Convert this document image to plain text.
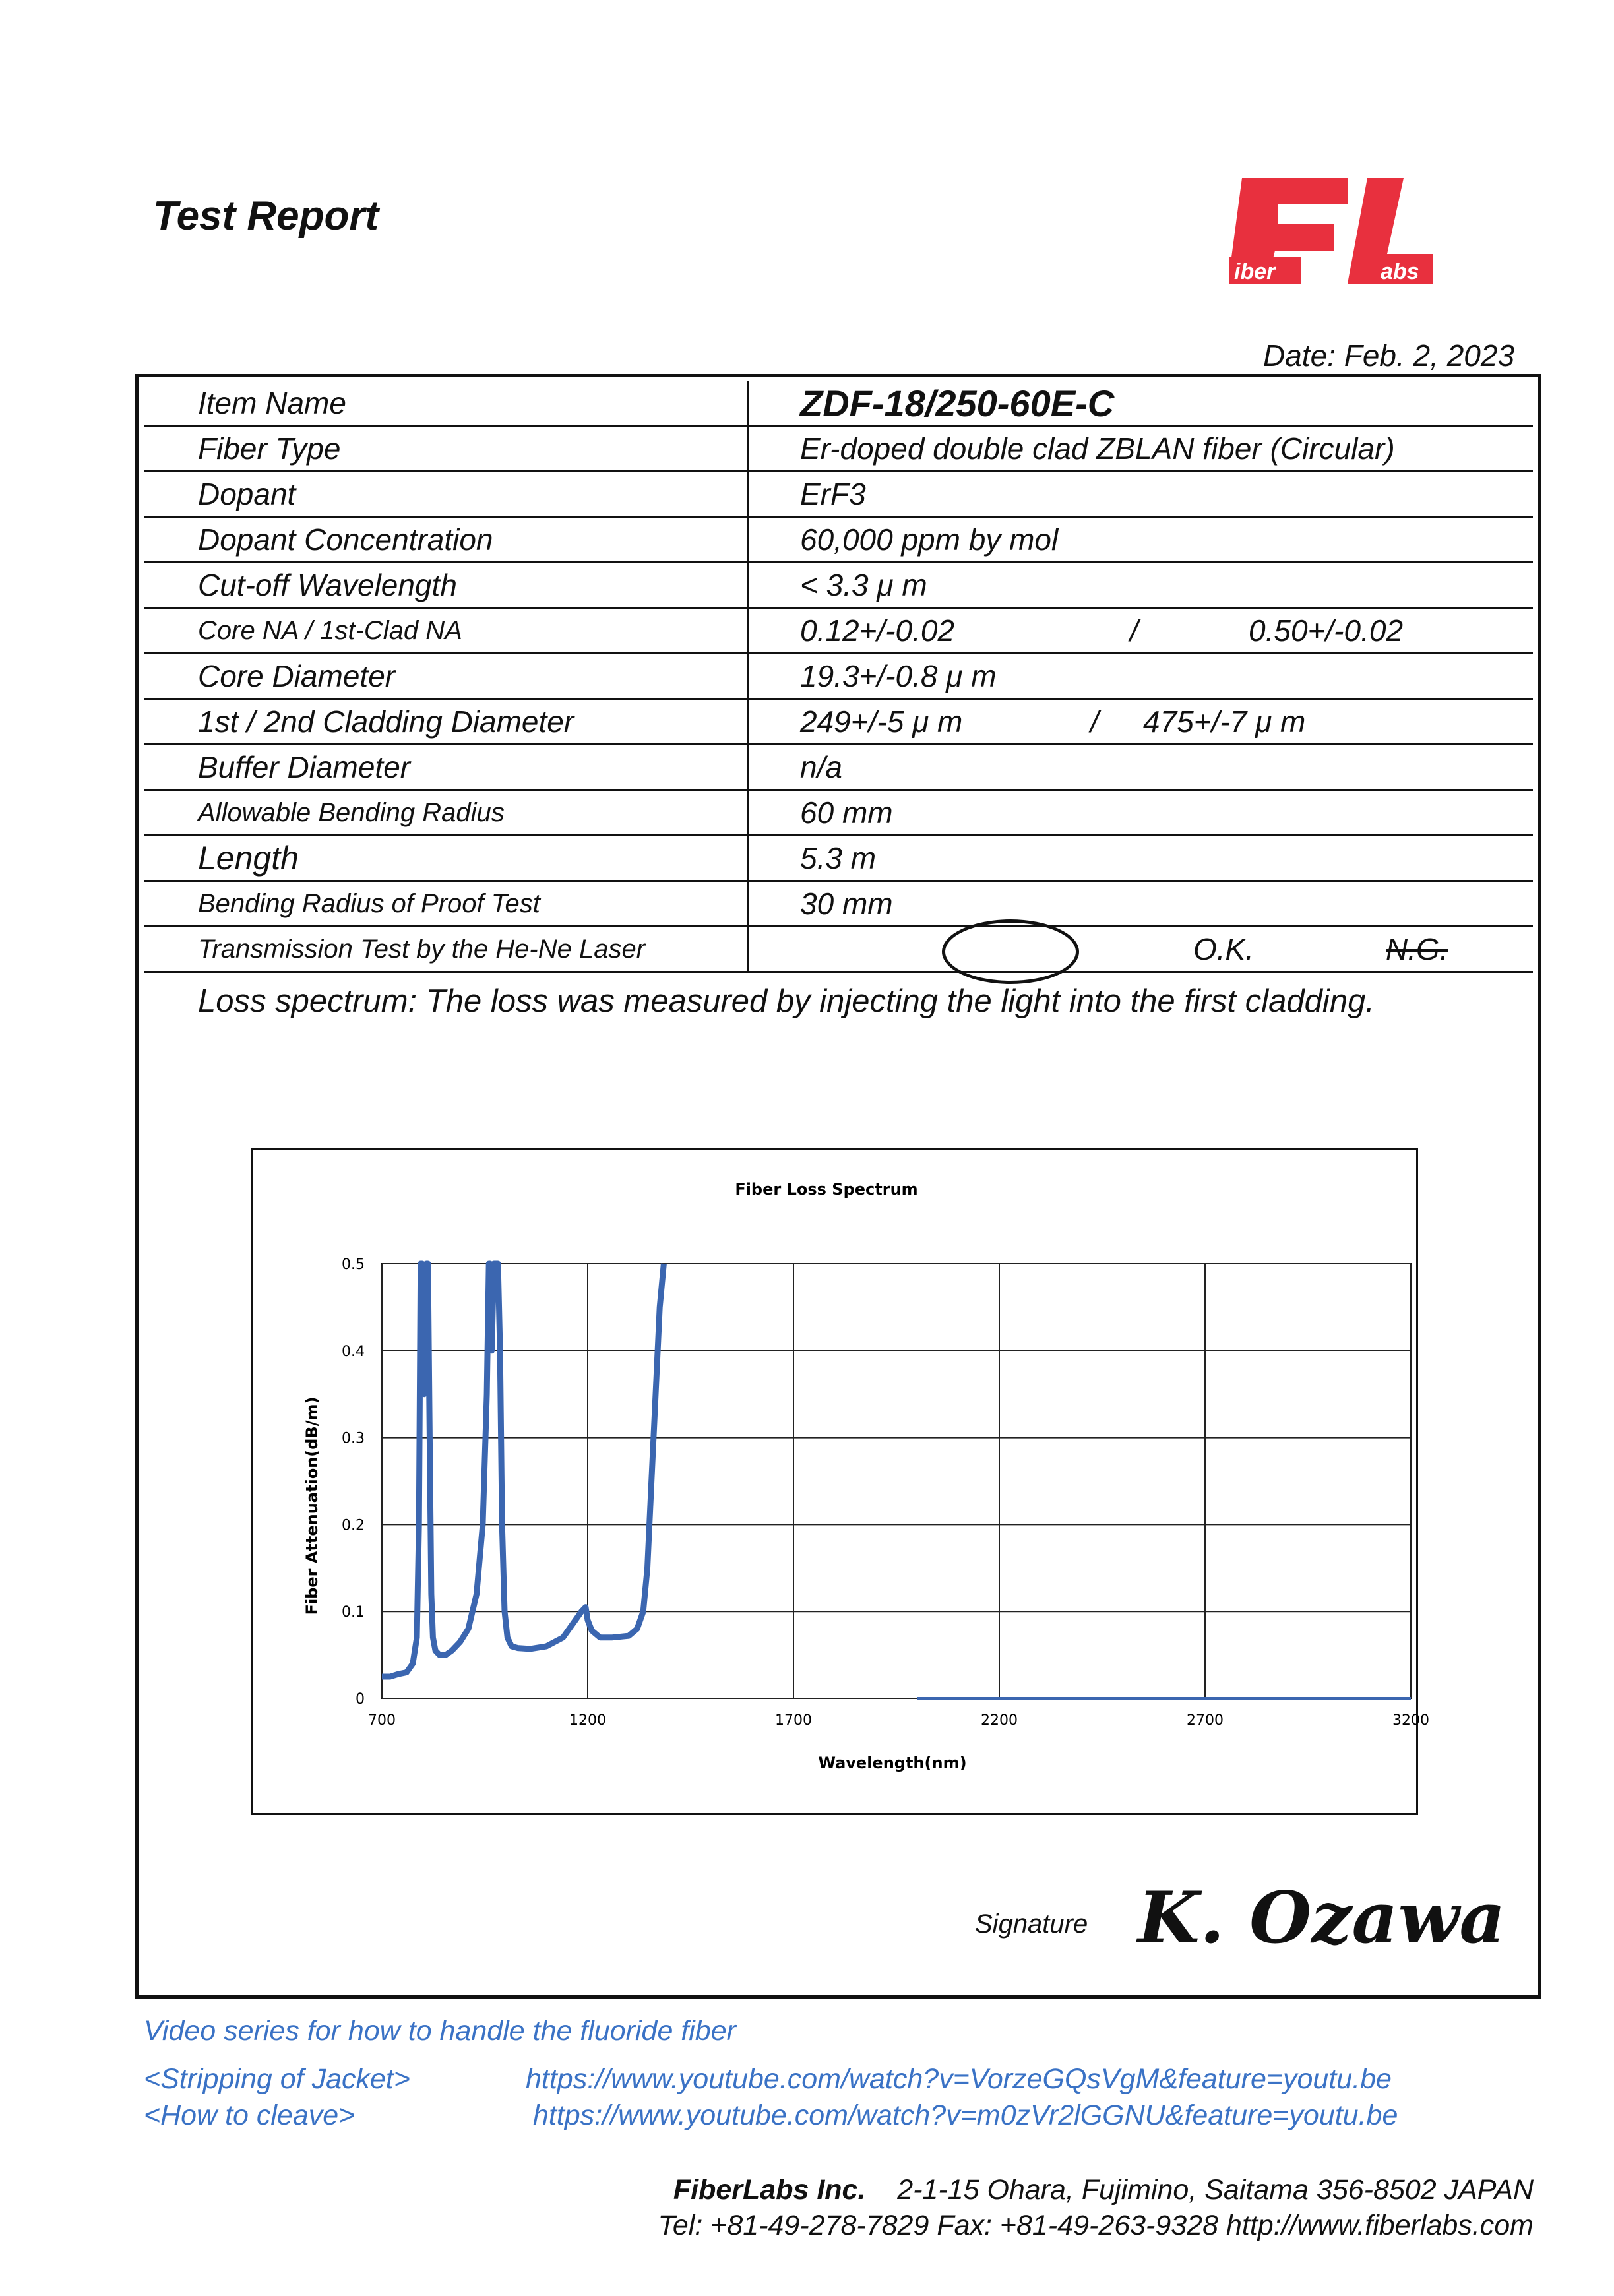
Test Report
iber	abs
Date: Feb. 2, 2023
Item Name	ZDF-18/250-60E-C
Fiber Type	Er-doped double clad ZBLAN fiber (Circular)
Dopant	ErF3
Dopant Concentration	60,000 ppm by mol
Cut-off Wavelength	< 3.3 μ m
Core NA / 1st-Clad NA	0.12+/-0.02 / 0.50+/-0.02
Core Diameter	19.3+/-0.8 μ m
1st / 2nd Cladding Diameter	249+/-5 μ m / 475+/-7 μ m
Buffer Diameter	n/a
Allowable Bending Radius	60 mm
Length	5.3 m
Bending Radius of Proof Test	30 mm
Transmission Test by the He-Ne Laser	O.K. N.G.
Loss spectrum: The loss was measured by injecting the light into the first cladding.
Fiber Loss Spectrum
700	1200	1700	2200	2700	3200
0
0.1
0.2
0.3
0.4
0.5
Wavelength(nm)
Fiber Attenuation(dB/m)
Signature K. Ozawa
Video series for how to handle the fluoride fiber
<Stripping of Jacket>	https://www.youtube.com/watch?v=VorzeGQsVgM&feature=youtu.be
<How to cleave>	https://www.youtube.com/watch?v=m0zVr2lGGNU&feature=youtu.be
FiberLabs Inc. 2-1-15 Ohara, Fujimino, Saitama 356-8502 JAPAN
Tel: +81-49-278-7829 Fax: +81-49-263-9328 http://www.fiberlabs.com
